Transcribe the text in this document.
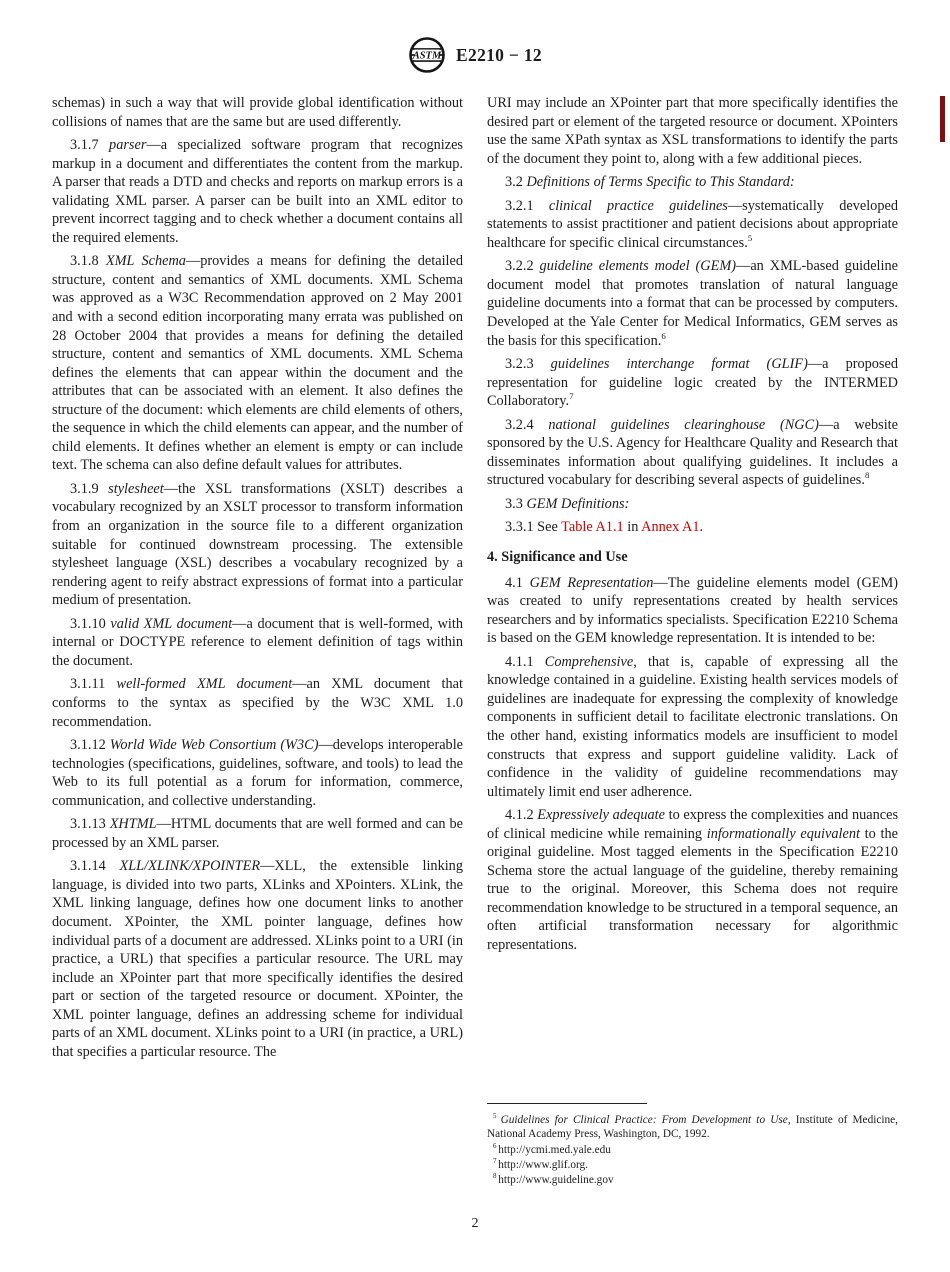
ASTM E2210 − 12

schemas) in such a way that will provide global identification without collisions of names that are the same but are used differently.

3.1.7 parser—a specialized software program that recognizes markup in a document and differentiates the content from the markup. A parser that reads a DTD and checks and reports on markup errors is a validating XML parser. A parser can be built into an XML editor to prevent incorrect tagging and to check whether a document contains all the required elements.

3.1.8 XML Schema—provides a means for defining the detailed structure, content and semantics of XML documents. XML Schema was approved as a W3C Recommendation approved on 2 May 2001 and with a second edition incorporating many errata was published on 28 October 2004 that provides a means for defining the detailed structure, content and semantics of XML documents. XML Schema defines the elements that can appear within the document and the attributes that can be associated with an element. It also defines the structure of the document: which elements are child elements of others, the sequence in which the child elements can appear, and the number of child elements. It defines whether an element is empty or can include text. The schema can also define default values for attributes.

3.1.9 stylesheet—the XSL transformations (XSLT) describes a vocabulary recognized by an XSLT processor to transform information from an organization in the source file to a different organization suitable for continued downstream processing. The extensible stylesheet language (XSL) describes a vocabulary recognized by a rendering agent to reify abstract expressions of format into a particular medium of presentation.

3.1.10 valid XML document—a document that is well-formed, with internal or DOCTYPE reference to element definition of tags within the document.

3.1.11 well-formed XML document—an XML document that conforms to the syntax as specified by the W3C XML 1.0 recommendation.

3.1.12 World Wide Web Consortium (W3C)—develops interoperable technologies (specifications, guidelines, software, and tools) to lead the Web to its full potential as a forum for information, commerce, communication, and collective understanding.

3.1.13 XHTML—HTML documents that are well formed and can be processed by an XML parser.

3.1.14 XLL/XLINK/XPOINTER—XLL, the extensible linking language, is divided into two parts, XLinks and XPointers. XLink, the XML linking language, defines how one document links to another document. XPointer, the XML pointer language, defines how individual parts of a document are addressed. XLinks point to a URI (in practice, a URL) that specifies a particular resource. The URL may include an XPointer part that more specifically identifies the desired part or section of the targeted resource or document. XPointer, the XML pointer language, defines an addressing scheme for individual parts of an XML document. XLinks point to a URI (in practice, a URL) that specifies a particular resource. The

URI may include an XPointer part that more specifically identifies the desired part or element of the targeted resource or document. XPointers use the same XPath syntax as XSL transformations to identify the parts of the document they point to, along with a few additional pieces.

3.2 Definitions of Terms Specific to This Standard:

3.2.1 clinical practice guidelines—systematically developed statements to assist practitioner and patient decisions about appropriate healthcare for specific clinical circumstances.$^5$

3.2.2 guideline elements model (GEM)—an XML-based guideline document model that promotes translation of natural language guideline documents into a format that can be processed by computers. Developed at the Yale Center for Medical Informatics, GEM serves as the basis for this specification.$^6$

3.2.3 guidelines interchange format (GLIF)—a proposed representation for guideline logic created by the INTERMED Collaboratory.$^7$

3.2.4 national guidelines clearinghouse (NGC)—a website sponsored by the U.S. Agency for Healthcare Quality and Research that disseminates information about qualifying guidelines. It includes a structured vocabulary for describing several aspects of guidelines.$^8$

3.3 GEM Definitions:

3.3.1 See Table A1.1 in Annex A1.

4. Significance and Use

4.1 GEM Representation—The guideline elements model (GEM) was created to unify representations created by health services researchers and by informatics specialists. Specification E2210 Schema is based on the GEM knowledge representation. It is intended to be:

4.1.1 Comprehensive, that is, capable of expressing all the knowledge contained in a guideline. Existing health services models of guidelines are inadequate for expressing the complexity of knowledge components in sufficient detail to facilitate electronic translations. On the other hand, existing informatics models are insufficient to model constructs that express and support guideline validity. Lack of confidence in the validity of guideline recommendations may ultimately limit end user adherence.

4.1.2 Expressively adequate to express the complexities and nuances of clinical medicine while remaining informationally equivalent to the original guideline. Most tagged elements in the Specification E2210 Schema store the actual language of the guideline, thereby remaining true to the original. Moreover, this Schema does not require recommendation knowledge to be structured in a temporal sequence, an often artificial transformation necessary for algorithmic representations.

$^5$ Guidelines for Clinical Practice: From Development to Use, Institute of Medicine, National Academy Press, Washington, DC, 1992.

$^6$ http://ycmi.med.yale.edu

$^7$ http://www.glif.org.

$^8$ http://www.guideline.gov

2
